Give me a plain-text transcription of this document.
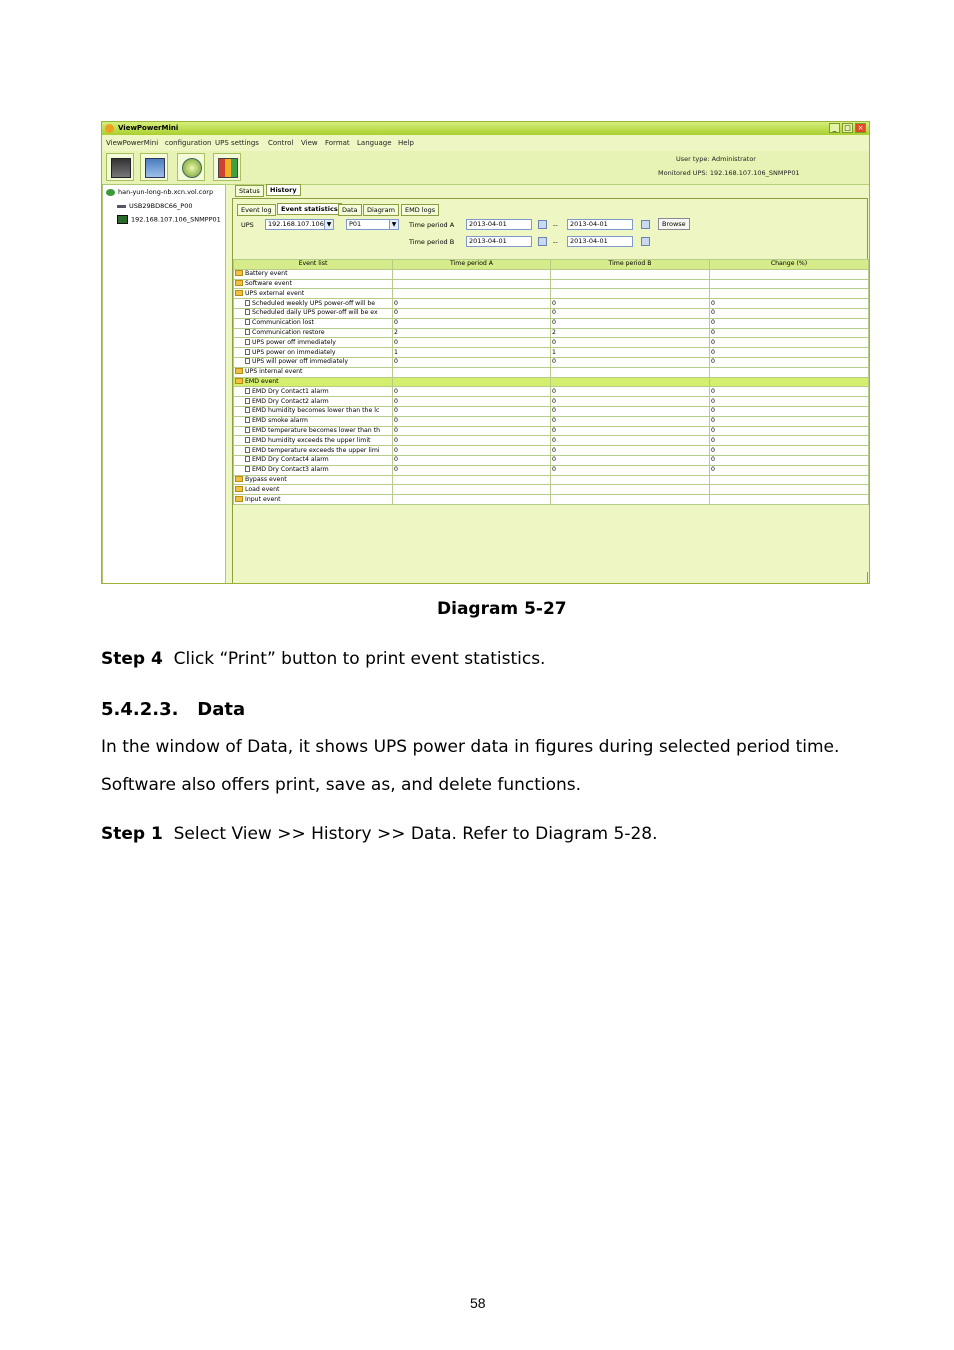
ViewPowerMini	_	□ ×
ViewPowerMini configuration UPS settings Control View Format Language Help
User type: Administrator
Monitored UPS: 192.168.107.106_SNMPP01
han-yun-long-nb.xcn.vol.corp
USB29BD8C66_P00
192.168.107.106_SNMPP01
Status	History
Event log	Event statistics Data	Diagram	EMD logs
UPS	192.168.107.106 ▼	P01	▼	Time period A	2013-04-01	--	2013-04-01	Browse
Time period B	2013-04-01	--	2013-04-01
Event list	Time period A	Time period B	Change (%)
Battery event			
Software event			
UPS external event			
Scheduled weekly UPS power-off will be	0	0	0
Scheduled daily UPS power-off will be ex	0	0	0
Communication lost	0	0	0
Communication restore	2	2	0
UPS power off immediately	0	0	0
UPS power on immediately	1	1	0
UPS will power off immediately	0	0	0
UPS internal event			
EMD event			
EMD Dry Contact1 alarm	0	0	0
EMD Dry Contact2 alarm	0	0	0
EMD humidity becomes lower than the lc	0	0	0
EMD smoke alarm	0	0	0
EMD temperature becomes lower than th	0	0	0
EMD humidity exceeds the upper limit	0	0	0
EMD temperature exceeds the upper limi	0	0	0
EMD Dry Contact4 alarm	0	0	0
EMD Dry Contact3 alarm	0	0	0
Bypass event			
Load event			
Input event			
Diagram 5-27
Step 4 Click “Print” button to print event statistics.
5.4.2.3. Data
In the window of Data, it shows UPS power data in figures during selected period time.
Software also offers print, save as, and delete functions.
Step 1 Select View >> History >> Data. Refer to Diagram 5-28.
58
